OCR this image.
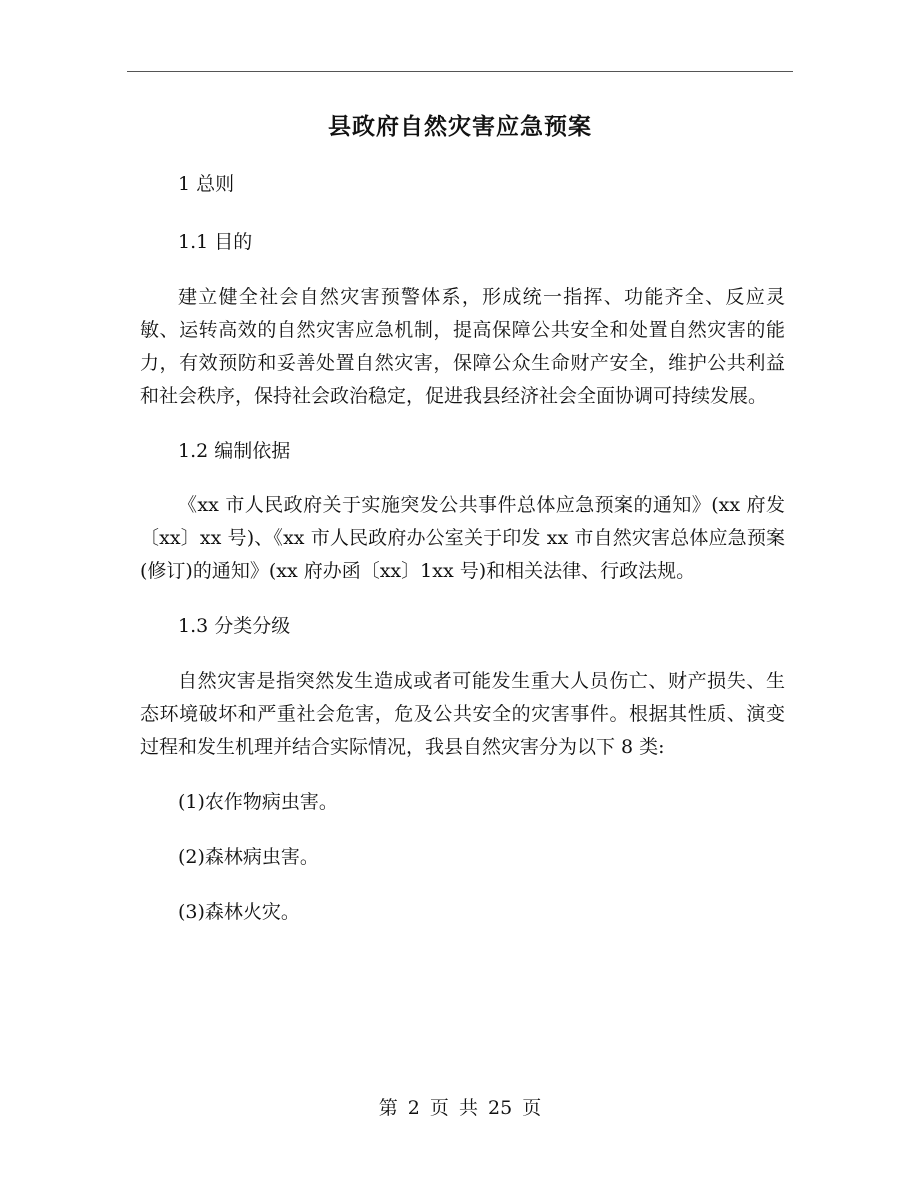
县政府自然灾害应急预案

1 总则

1.1 目的

建立健全社会自然灾害预警体系，形成统一指挥、功能齐全、反应灵敏、运转高效的自然灾害应急机制，提高保障公共安全和处置自然灾害的能力，有效预防和妥善处置自然灾害，保障公众生命财产安全，维护公共利益和社会秩序，保持社会政治稳定，促进我县经济社会全面协调可持续发展。

1.2 编制依据

《xx 市人民政府关于实施突发公共事件总体应急预案的通知》(xx 府发〔xx〕xx 号)、《xx 市人民政府办公室关于印发 xx 市自然灾害总体应急预案(修订)的通知》(xx 府办函〔xx〕1xx 号)和相关法律、行政法规。

1.3 分类分级

自然灾害是指突然发生造成或者可能发生重大人员伤亡、财产损失、生态环境破坏和严重社会危害，危及公共安全的灾害事件。根据其性质、演变过程和发生机理并结合实际情况，我县自然灾害分为以下 8 类:

(1)农作物病虫害。

(2)森林病虫害。

(3)森林火灾。

第 2 页 共 25 页
